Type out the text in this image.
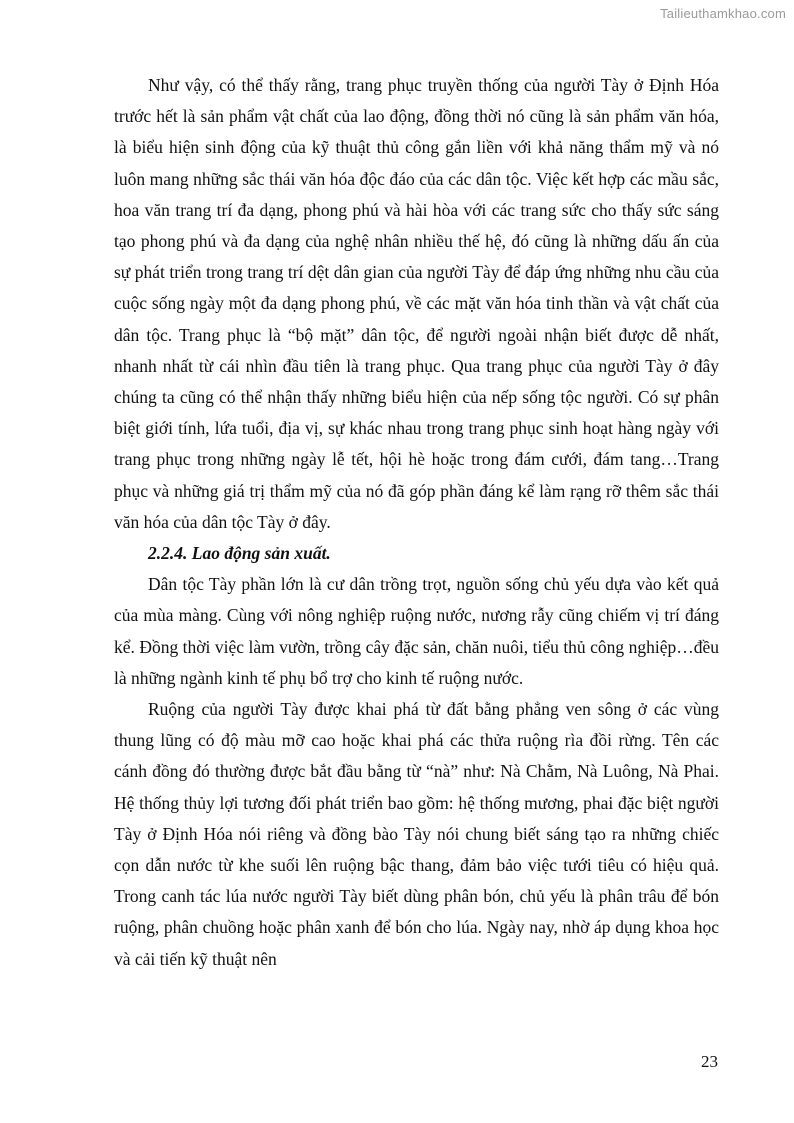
Tailieuthamkhao.com

Như vậy, có thể thấy rằng, trang phục truyền thống của người Tày ở Định Hóa trước hết là sản phẩm vật chất của lao động, đồng thời nó cũng là sản phẩm văn hóa, là biểu hiện sinh động của kỹ thuật thủ công gắn liền với khả năng thẩm mỹ và nó luôn mang những sắc thái văn hóa độc đáo của các dân tộc. Việc kết hợp các mầu sắc, hoa văn trang trí đa dạng, phong phú và hài hòa với các trang sức cho thấy sức sáng tạo phong phú và đa dạng của nghệ nhân nhiều thế hệ, đó cũng là những dấu ấn của sự phát triển trong trang trí dệt dân gian của người Tày để đáp ứng những nhu cầu của cuộc sống ngày một đa dạng phong phú, về các mặt văn hóa tinh thần và vật chất của dân tộc. Trang phục là “bộ mặt” dân tộc, để người ngoài nhận biết được dễ nhất, nhanh nhất từ cái nhìn đầu tiên là trang phục. Qua trang phục của người Tày ở đây chúng ta cũng có thể nhận thấy những biểu hiện của nếp sống tộc người. Có sự phân biệt giới tính, lứa tuổi, địa vị, sự khác nhau trong trang phục sinh hoạt hàng ngày với trang phục trong những ngày lễ tết, hội hè hoặc trong đám cưới, đám tang…Trang phục và những giá trị thẩm mỹ của nó đã góp phần đáng kể làm rạng rỡ thêm sắc thái văn hóa của dân tộc Tày ở đây.

2.2.4. Lao động sản xuất.

Dân tộc Tày phần lớn là cư dân trồng trọt, nguồn sống chủ yếu dựa vào kết quả của mùa màng. Cùng với nông nghiệp ruộng nước, nương rẫy cũng chiếm vị trí đáng kể. Đồng thời việc làm vườn, trồng cây đặc sản, chăn nuôi, tiểu thủ công nghiệp…đều là những ngành kinh tế phụ bổ trợ cho kinh tế ruộng nước.

Ruộng của người Tày được khai phá từ đất bằng phẳng ven sông ở các vùng thung lũng có độ màu mỡ cao hoặc khai phá các thửa ruộng rìa đồi rừng. Tên các cánh đồng đó thường được bắt đầu bằng từ “nà” như: Nà Chằm, Nà Luông, Nà Phai. Hệ thống thủy lợi tương đối phát triển bao gồm: hệ thống mương, phai đặc biệt người Tày ở Định Hóa nói riêng và đồng bào Tày nói chung biết sáng tạo ra những chiếc cọn dẫn nước từ khe suối lên ruộng bậc thang, đảm bảo việc tưới tiêu có hiệu quả. Trong canh tác lúa nước người Tày biết dùng phân bón, chủ yếu là phân trâu để bón ruộng, phân chuồng hoặc phân xanh để bón cho lúa. Ngày nay, nhờ áp dụng khoa học và cải tiến kỹ thuật nên

23
